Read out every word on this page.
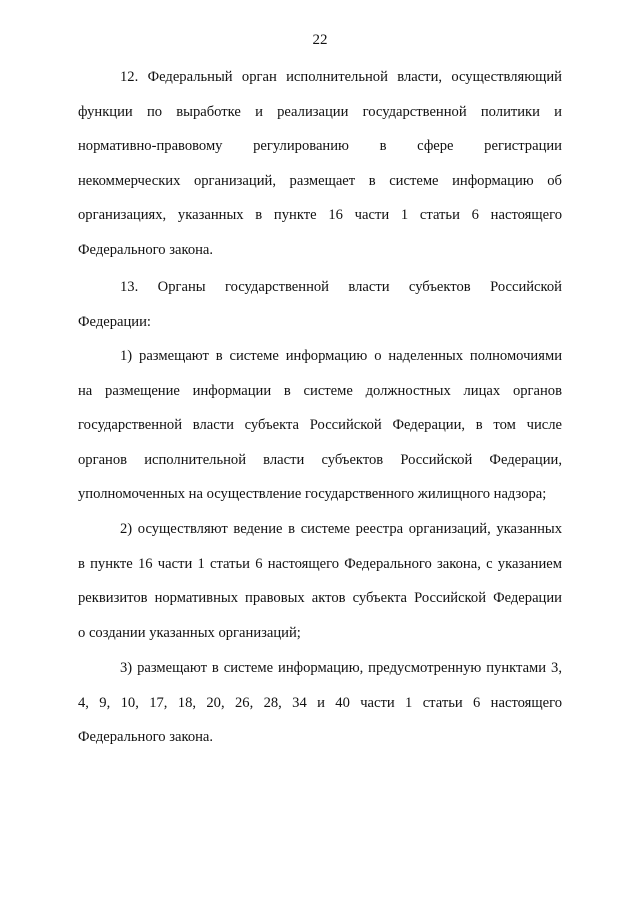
22
12. Федеральный орган исполнительной власти, осуществляющий
функции по выработке и реализации государственной политики и
нормативно-правовому регулированию в сфере регистрации
некоммерческих организаций, размещает в системе информацию об
организациях, указанных в пункте 16 части 1 статьи 6 настоящего
Федерального закона.
13. Органы государственной власти субъектов Российской
Федерации:
1) размещают в системе информацию о наделенных полномочиями
на размещение информации в системе должностных лицах органов
государственной власти субъекта Российской Федерации, в том числе
органов исполнительной власти субъектов Российской Федерации,
уполномоченных на осуществление государственного жилищного надзора;
2) осуществляют ведение в системе реестра организаций, указанных
в пункте 16 части 1 статьи 6 настоящего Федерального закона, с указанием
реквизитов нормативных правовых актов субъекта Российской Федерации
о создании указанных организаций;
3) размещают в системе информацию, предусмотренную пунктами 3,
4, 9, 10, 17, 18, 20, 26, 28, 34 и 40 части 1 статьи 6 настоящего
Федерального закона.
